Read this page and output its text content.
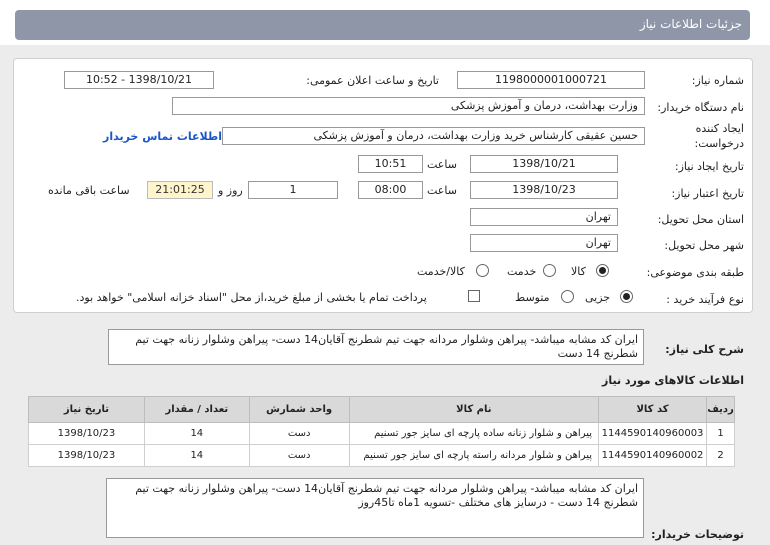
جزئیات اطلاعات نیاز
شماره نیاز:
1198000001000721
تاریخ و ساعت اعلان عمومی:
1398/10/21 - 10:52
نام دستگاه خریدار:
وزارت بهداشت، درمان و آموزش پزشکی
ایجاد کننده
درخواست:
حسین عقیقی کارشناس خرید وزارت بهداشت، درمان و آموزش پزشکی
اطلاعات تماس خریدار
تاریخ ایجاد نیاز:
1398/10/21
ساعت
10:51
تاریخ اعتبار نیاز:
1398/10/23
ساعت
08:00
1
روز و
21:01:25
ساعت باقی مانده
استان محل تحویل:
تهران
شهر محل تحویل:
تهران
طبقه بندی موضوعی:
کالا
خدمت
کالا/خدمت
نوع فرآیند خرید :
جزیی
متوسط
پرداخت تمام یا بخشی از مبلغ خرید،از محل "اسناد خزانه اسلامی" خواهد بود.
شرح کلی نیاز:
ایران کد مشابه میباشد- پیراهن وشلوار مردانه جهت تیم شطرنج آقایان14 دست- پیراهن وشلوار زنانه جهت تیم شطرنج 14 دست
اطلاعات کالاهای مورد نیاز
ردیف	کد کالا	نام کالا	واحد شمارش	تعداد / مقدار	تاریخ نیاز
1	1144590140960003	پیراهن و شلوار زنانه ساده پارچه ای سایز جور تسنیم	دست	14	1398/10/23
2	1144590140960002	پیراهن و شلوار مردانه راسته پارچه ای سایز جور تسنیم	دست	14	1398/10/23
توضیحات خریدار:
ایران کد مشابه میباشد- پیراهن وشلوار مردانه جهت تیم شطرنج آقایان14 دست- پیراهن وشلوار زنانه جهت تیم شطرنج 14 دست - درسایز های مختلف -تسویه 1ماه تا45روز
